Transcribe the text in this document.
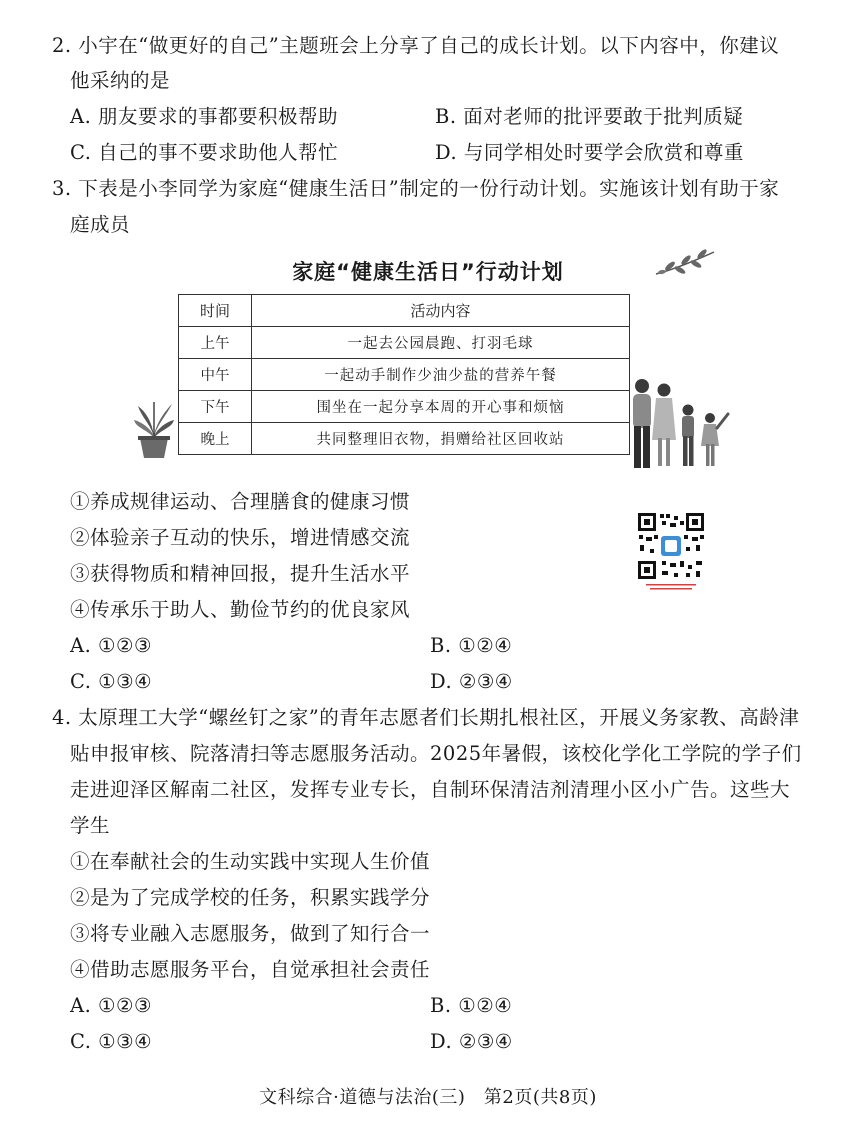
2. 小宇在“做更好的自己”主题班会上分享了自己的成长计划。以下内容中，你建议
他采纳的是
A. 朋友要求的事都要积极帮助	B. 面对老师的批评要敢于批判质疑
C. 自己的事不要求助他人帮忙	D. 与同学相处时要学会欣赏和尊重
3. 下表是小李同学为家庭“健康生活日”制定的一份行动计划。实施该计划有助于家
庭成员
家庭“健康生活日”行动计划
时间	活动内容
上午	一起去公园晨跑、打羽毛球
中午	一起动手制作少油少盐的营养午餐
下午	围坐在一起分享本周的开心事和烦恼
晚上	共同整理旧衣物，捐赠给社区回收站
①养成规律运动、合理膳食的健康习惯
②体验亲子互动的快乐，增进情感交流
③获得物质和精神回报，提升生活水平
④传承乐于助人、勤俭节约的优良家风
A. ①②③	B. ①②④
C. ①③④	D. ②③④
4. 太原理工大学“螺丝钉之家”的青年志愿者们长期扎根社区，开展义务家教、高龄津
贴申报审核、院落清扫等志愿服务活动。2025年暑假，该校化学化工学院的学子们
走进迎泽区解南二社区，发挥专业专长，自制环保清洁剂清理小区小广告。这些大
学生
①在奉献社会的生动实践中实现人生价值
②是为了完成学校的任务，积累实践学分
③将专业融入志愿服务，做到了知行合一
④借助志愿服务平台，自觉承担社会责任
A. ①②③	B. ①②④
C. ①③④	D. ②③④
文科综合·道德与法治(三)　第2页(共8页)
